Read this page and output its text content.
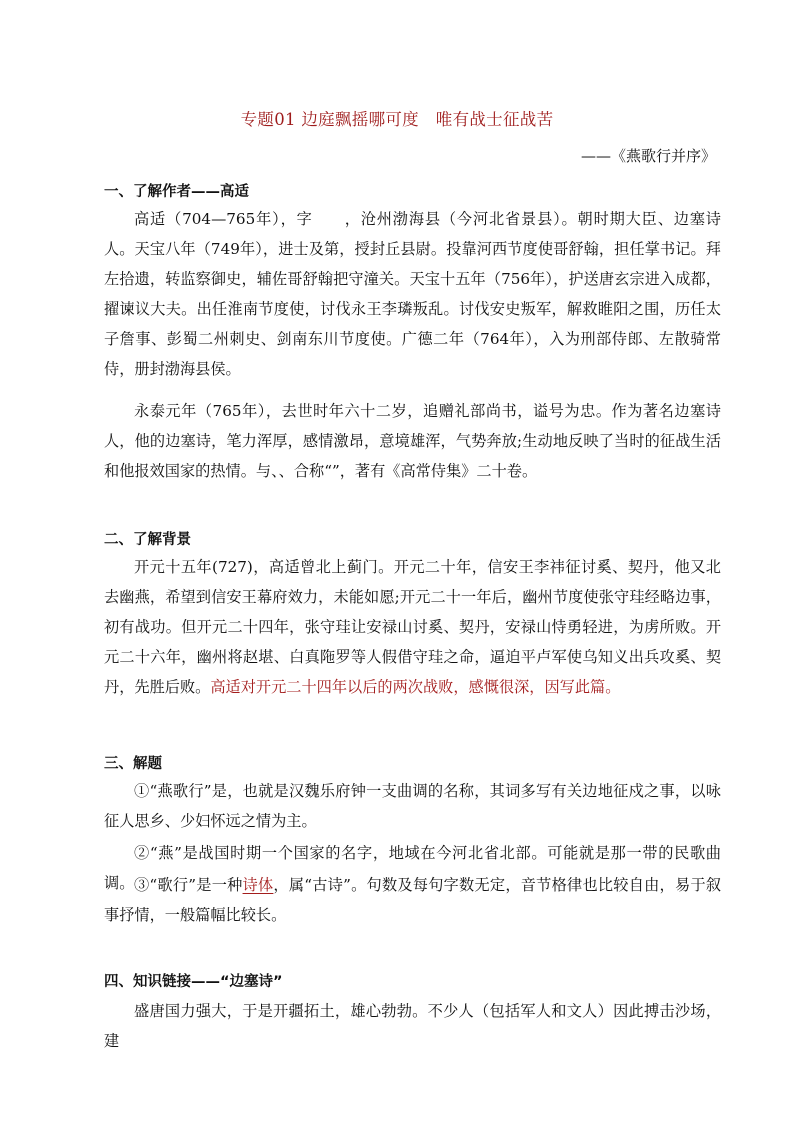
专题01 边庭飘摇哪可度　唯有战士征战苦
——《燕歌行并序》
一、了解作者——高适
高适（704—765年），字　　，沧州渤海县（今河北省景县）。朝时期大臣、边塞诗人。天宝八年（749年），进士及第，授封丘县尉。投靠河西节度使哥舒翰，担任掌书记。拜左拾遗，转监察御史，辅佐哥舒翰把守潼关。天宝十五年（756年），护送唐玄宗进入成都，擢谏议大夫。出任淮南节度使，讨伐永王李璘叛乱。讨伐安史叛军，解救睢阳之围，历任太子詹事、彭蜀二州刺史、剑南东川节度使。广德二年（764年），入为刑部侍郎、左散骑常侍，册封渤海县侯。
永泰元年（765年），去世时年六十二岁，追赠礼部尚书，谥号为忠。作为著名边塞诗人，他的边塞诗，笔力浑厚，感情激昂，意境雄浑，气势奔放;生动地反映了当时的征战生活和他报效国家的热情。与、、合称“”，著有《高常侍集》二十卷。
二、了解背景
开元十五年(727)，高适曾北上蓟门。开元二十年，信安王李祎征讨奚、契丹，他又北去幽燕，希望到信安王幕府效力，未能如愿;开元二十一年后，幽州节度使张守珪经略边事，初有战功。但开元二十四年，张守珪让安禄山讨奚、契丹，安禄山恃勇轻进，为虏所败。开元二十六年，幽州将赵堪、白真陁罗等人假借守珪之命，逼迫平卢军使乌知义出兵攻奚、契丹，先胜后败。高适对开元二十四年以后的两次战败，感慨很深，因写此篇。
三、解题
①“燕歌行”是，也就是汉魏乐府钟一支曲调的名称，其词多写有关边地征戍之事，以咏征人思乡、少妇怀远之情为主。
②“燕”是战国时期一个国家的名字，地域在今河北省北部。可能就是那一带的民歌曲调。 ③“歌行”是一种诗体，属“古诗”。句数及每句字数无定，音节格律也比较自由，易于叙事抒情，一般篇幅比较长。
四、知识链接——“边塞诗”
盛唐国力强大，于是开疆拓土，雄心勃勃。不少人（包括军人和文人）因此搏击沙场，建
